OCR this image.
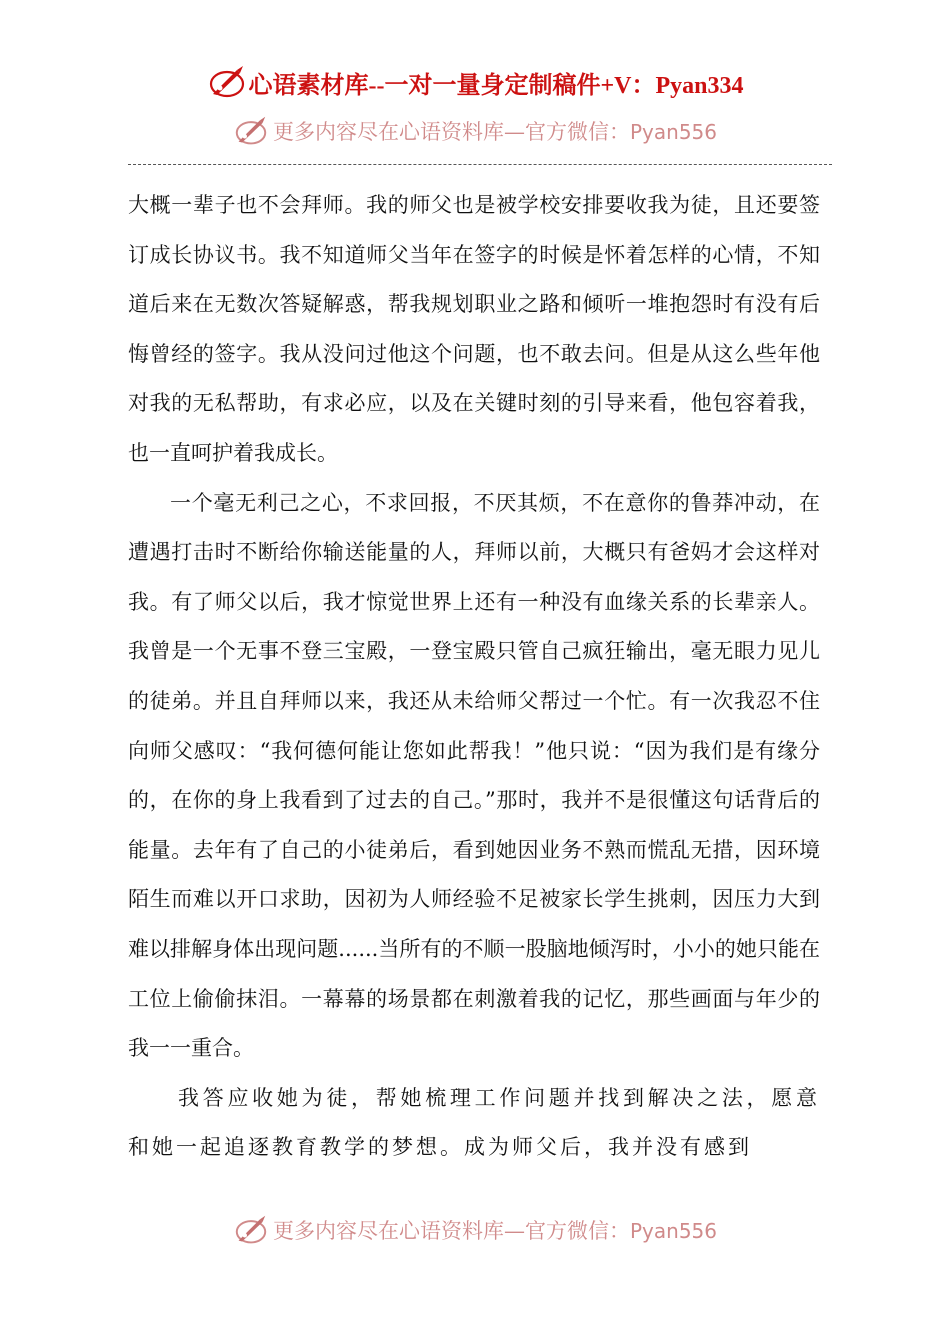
心语素材库--一对一量身定制稿件+V：Pyan334
更多内容尽在心语资料库—官方微信：Pyan556

大概一辈子也不会拜师。我的师父也是被学校安排要收我为徒，且还要签订成长协议书。我不知道师父当年在签字的时候是怀着怎样的心情，不知道后来在无数次答疑解惑，帮我规划职业之路和倾听一堆抱怨时有没有后悔曾经的签字。我从没问过他这个问题，也不敢去问。但是从这么些年他对我的无私帮助，有求必应，以及在关键时刻的引导来看，他包容着我，也一直呵护着我成长。

一个毫无利己之心，不求回报，不厌其烦，不在意你的鲁莽冲动，在遭遇打击时不断给你输送能量的人，拜师以前，大概只有爸妈才会这样对我。有了师父以后，我才惊觉世界上还有一种没有血缘关系的长辈亲人。我曾是一个无事不登三宝殿，一登宝殿只管自己疯狂输出，毫无眼力见儿的徒弟。并且自拜师以来，我还从未给师父帮过一个忙。有一次我忍不住向师父感叹：“我何德何能让您如此帮我！”他只说：“因为我们是有缘分的，在你的身上我看到了过去的自己。”那时，我并不是很懂这句话背后的能量。去年有了自己的小徒弟后，看到她因业务不熟而慌乱无措，因环境陌生而难以开口求助，因初为人师经验不足被家长学生挑刺，因压力大到难以排解身体出现问题......当所有的不顺一股脑地倾泻时，小小的她只能在工位上偷偷抹泪。一幕幕的场景都在刺激着我的记忆，那些画面与年少的我一一重合。

我答应收她为徒，帮她梳理工作问题并找到解决之法，愿意和她一起追逐教育教学的梦想。成为师父后，我并没有感到

更多内容尽在心语资料库—官方微信：Pyan556
